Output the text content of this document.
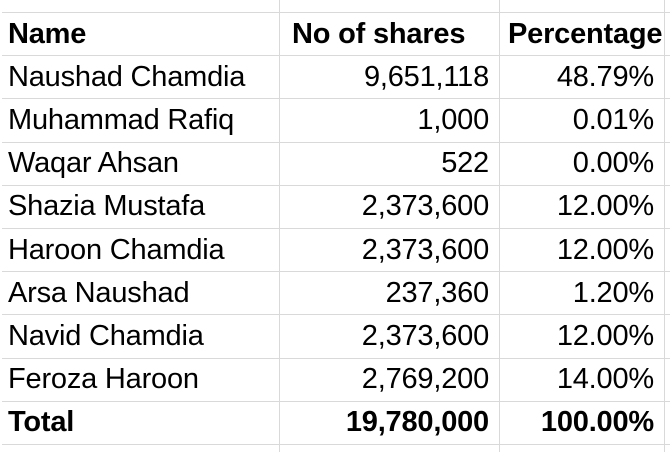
Name	No of shares	Percentage
Naushad Chamdia	9,651,118	48.79%
Muhammad Rafiq	1,000	0.01%
Waqar Ahsan	522	0.00%
Shazia Mustafa	2,373,600	12.00%
Haroon Chamdia	2,373,600	12.00%
Arsa Naushad	237,360	1.20%
Navid Chamdia	2,373,600	12.00%
Feroza Haroon	2,769,200	14.00%
Total	19,780,000	100.00%
